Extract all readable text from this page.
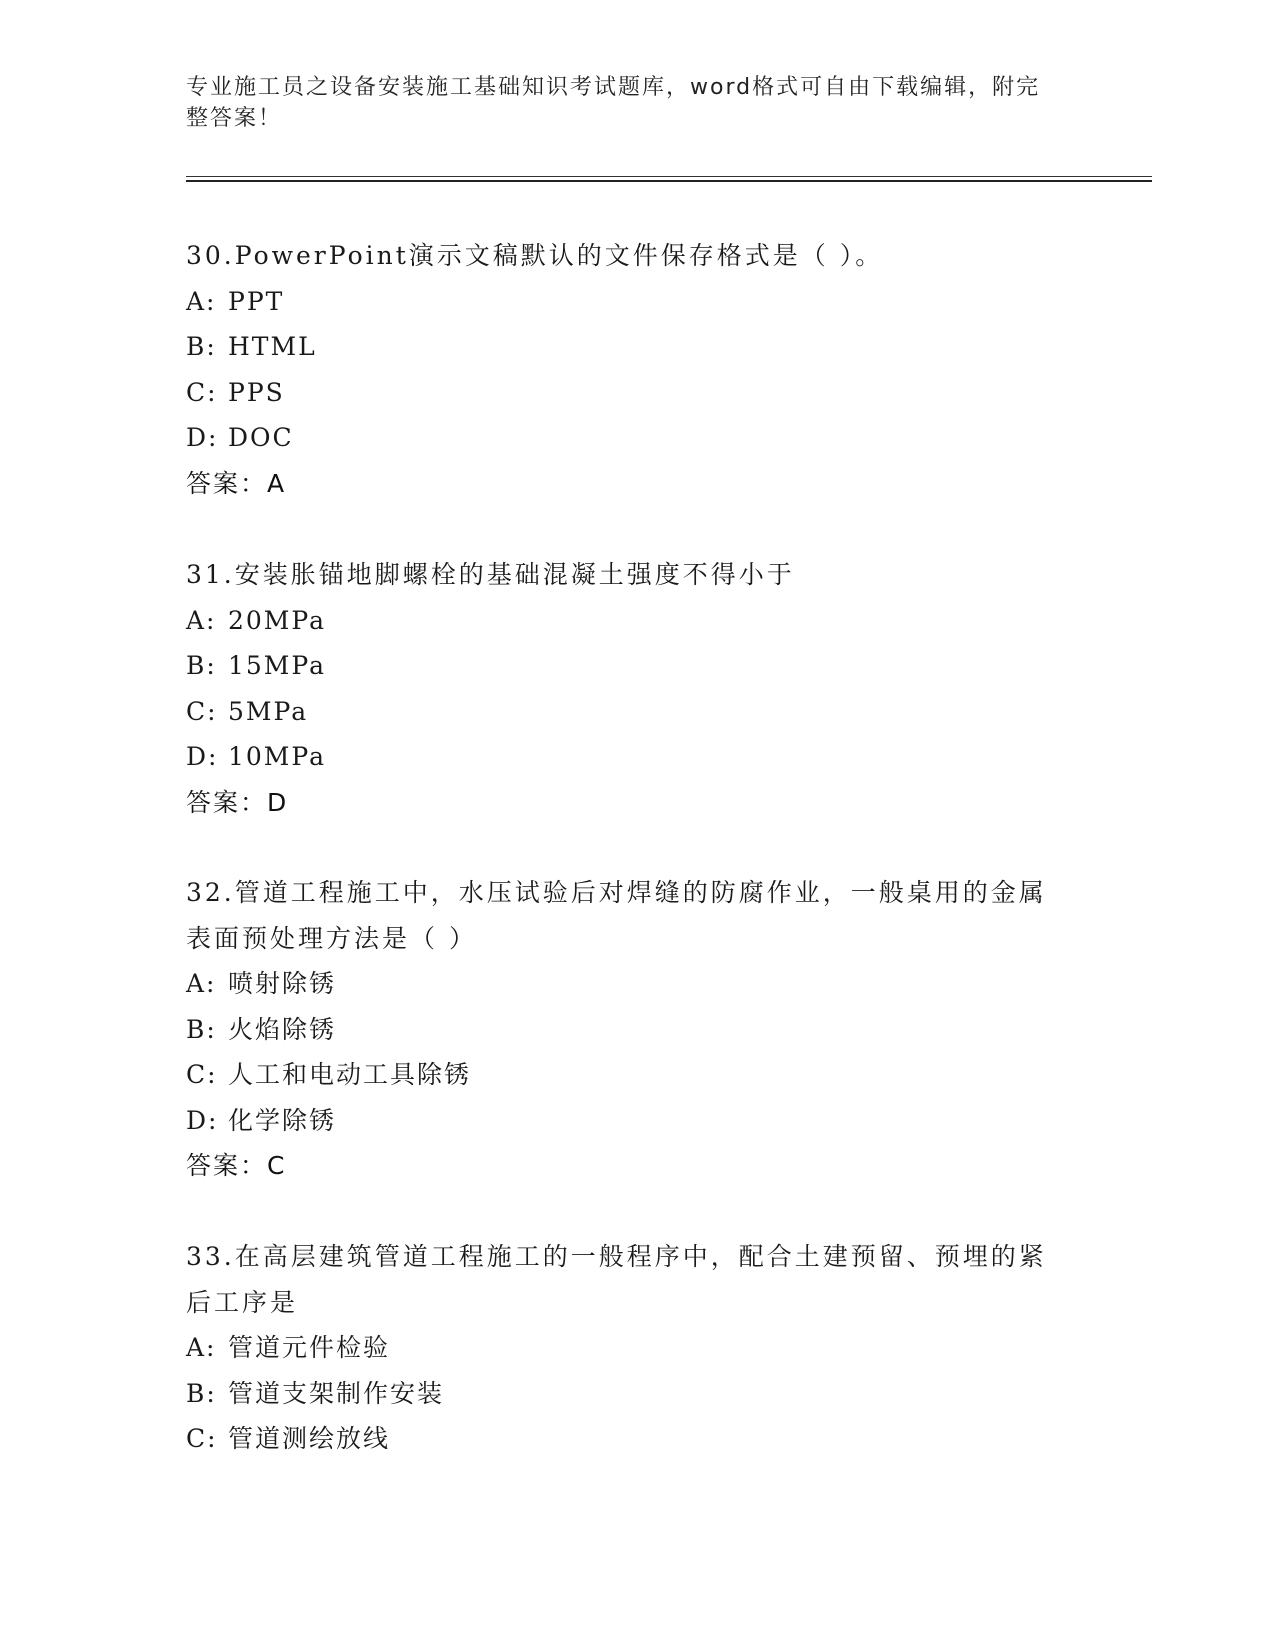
专业施工员之设备安装施工基础知识考试题库，word格式可自由下载编辑，附完
整答案！

30.PowerPoint演示文稿默认的文件保存格式是（ ）。

A: PPT

B: HTML

C: PPS

D: DOC

答案：A

31.安装胀锚地脚螺栓的基础混凝土强度不得小于

A: 20MPa

B: 15MPa

C: 5MPa

D: 10MPa

答案：D

32.管道工程施工中，水压试验后对焊缝的防腐作业，一般桌用的金属

表面预处理方法是（ ）

A: 喷射除锈

B: 火焰除锈

C: 人工和电动工具除锈

D: 化学除锈

答案：C

33.在高层建筑管道工程施工的一般程序中，配合土建预留、预埋的紧

后工序是

A: 管道元件检验

B: 管道支架制作安装

C: 管道测绘放线
